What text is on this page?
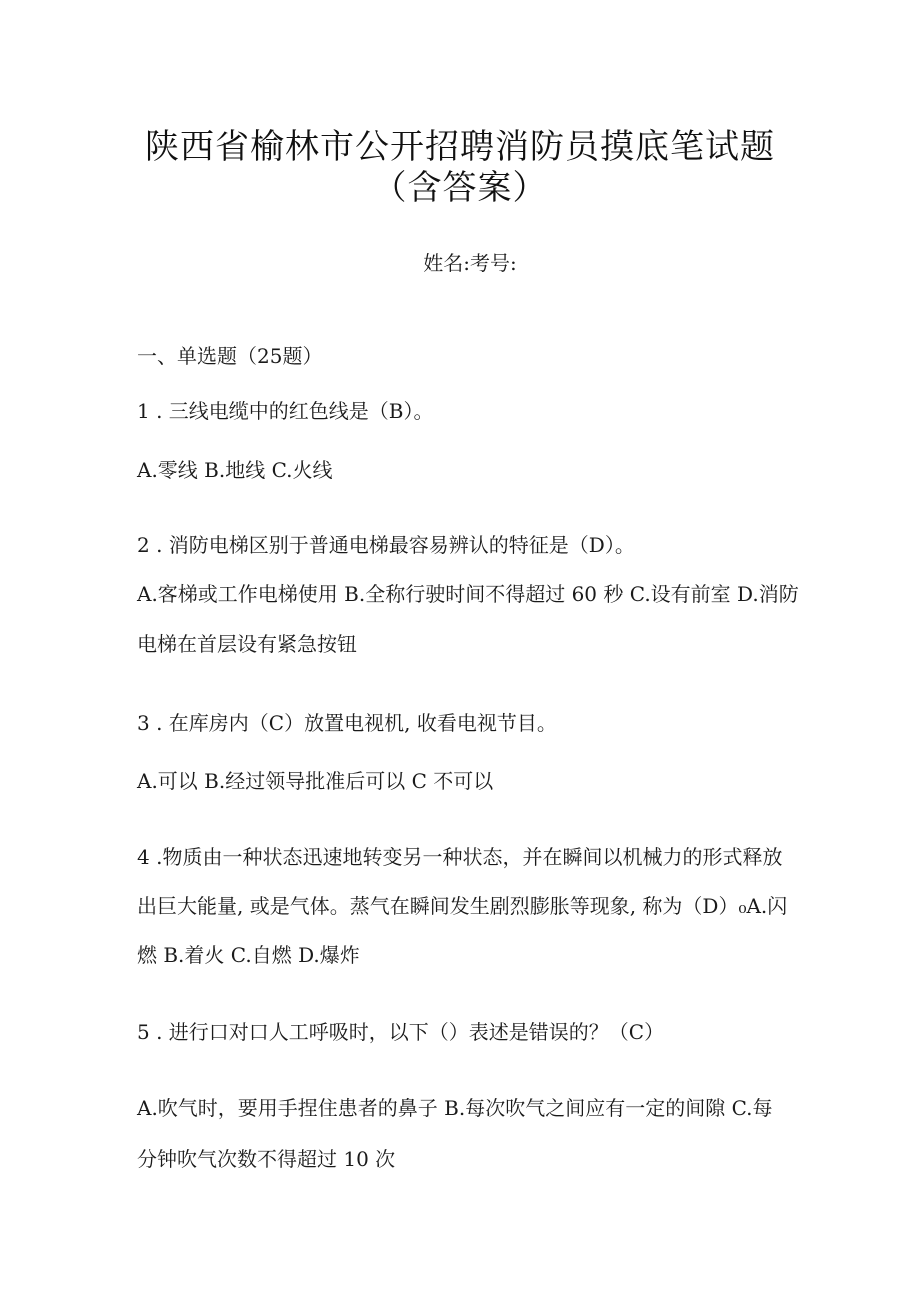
陕西省榆林市公开招聘消防员摸底笔试题
（含答案）
姓名:考号:
一、单选题（25题）
1 . 三线电缆中的红色线是（B）。
A.零线 B.地线 C.火线
2 . 消防电梯区别于普通电梯最容易辨认的特征是（D）。
A.客梯或工作电梯使用 B.全称行驶时间不得超过 60 秒 C.设有前室 D.消防
电梯在首层设有紧急按钮
3 . 在库房内（C）放置电视机, 收看电视节目。
A.可以 B.经过领导批准后可以 C 不可以
4 .物质由一种状态迅速地转变另一种状态，并在瞬间以机械力的形式释放
出巨大能量, 或是气体。蒸气在瞬间发生剧烈膨胀等现象, 称为（D）₀A.闪
燃 B.着火 C.自燃 D.爆炸
5 . 进行口对口人工呼吸时，以下（）表述是错误的？（C）
A.吹气时，要用手捏住患者的鼻子 B.每次吹气之间应有一定的间隙 C.每
分钟吹气次数不得超过 10 次
